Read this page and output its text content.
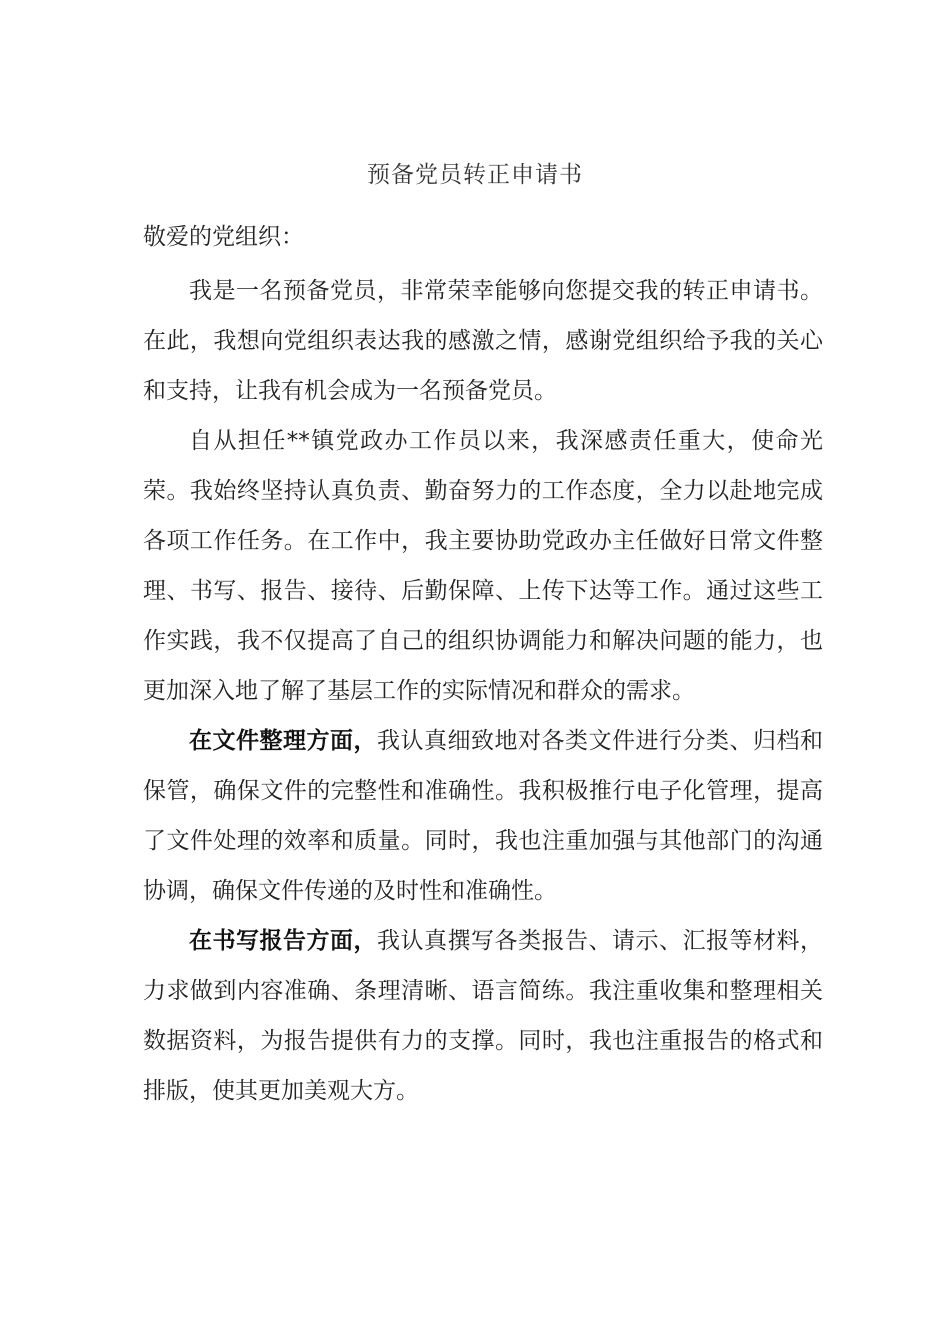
预备党员转正申请书

敬爱的党组织：

我是一名预备党员，非常荣幸能够向您提交我的转正申请书。在此，我想向党组织表达我的感激之情，感谢党组织给予我的关心和支持，让我有机会成为一名预备党员。

自从担任**镇党政办工作员以来，我深感责任重大，使命光荣。我始终坚持认真负责、勤奋努力的工作态度，全力以赴地完成各项工作任务。在工作中，我主要协助党政办主任做好日常文件整理、书写、报告、接待、后勤保障、上传下达等工作。通过这些工作实践，我不仅提高了自己的组织协调能力和解决问题的能力，也更加深入地了解了基层工作的实际情况和群众的需求。

在文件整理方面，我认真细致地对各类文件进行分类、归档和保管，确保文件的完整性和准确性。我积极推行电子化管理，提高了文件处理的效率和质量。同时，我也注重加强与其他部门的沟通协调，确保文件传递的及时性和准确性。

在书写报告方面，我认真撰写各类报告、请示、汇报等材料，力求做到内容准确、条理清晰、语言简练。我注重收集和整理相关数据资料，为报告提供有力的支撑。同时，我也注重报告的格式和排版，使其更加美观大方。
